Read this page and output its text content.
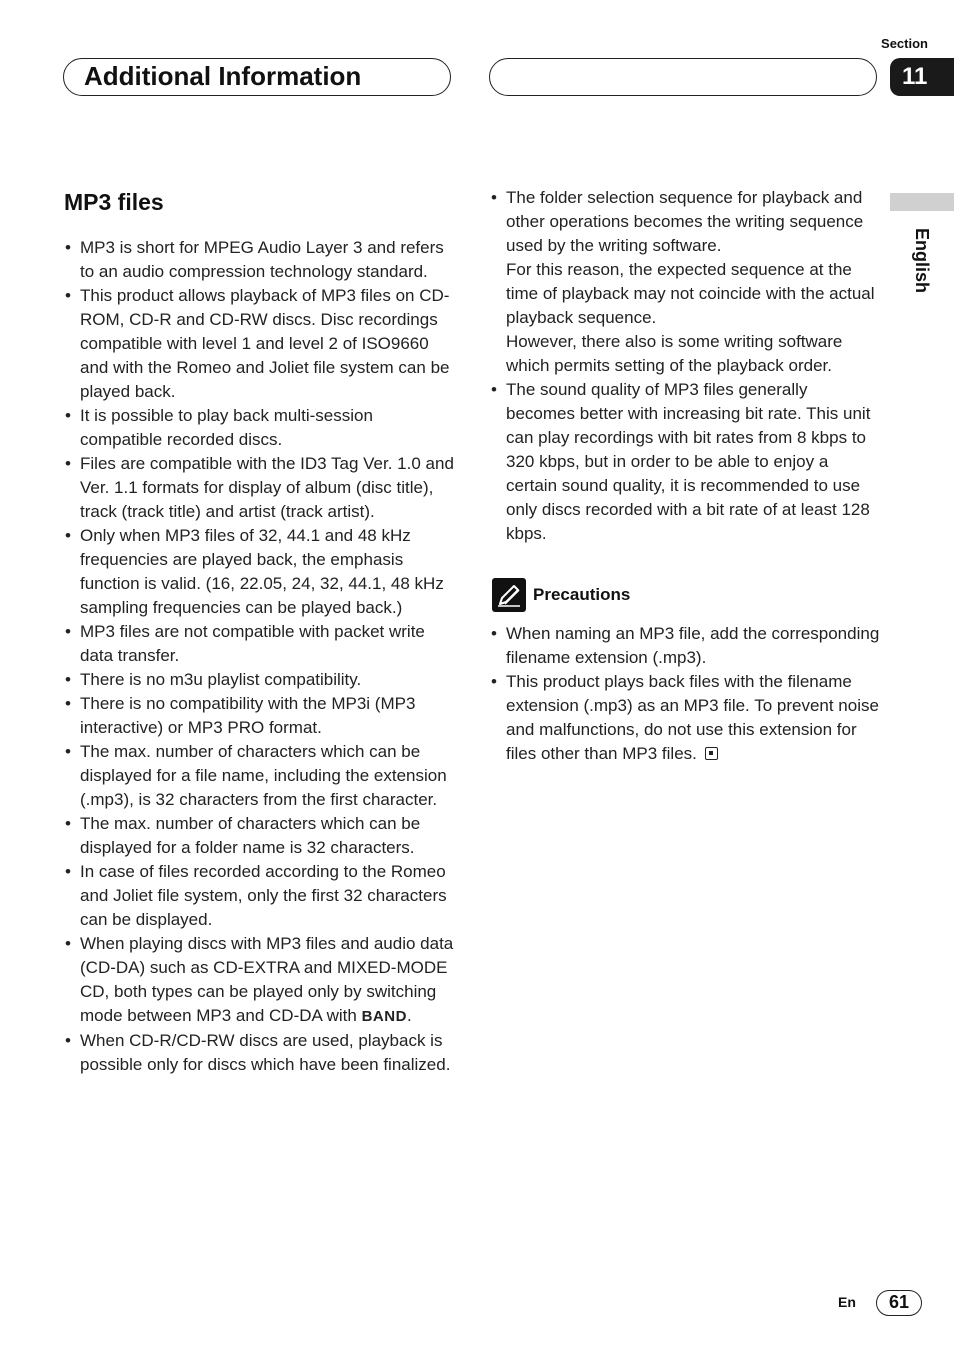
Section
Additional Information	11
English
MP3 files
• MP3 is short for MPEG Audio Layer 3 and refers to an audio compression technology standard.
• This product allows playback of MP3 files on CD-ROM, CD-R and CD-RW discs. Disc recordings compatible with level 1 and level 2 of ISO9660 and with the Romeo and Joliet file system can be played back.
• It is possible to play back multi-session compatible recorded discs.
• Files are compatible with the ID3 Tag Ver. 1.0 and Ver. 1.1 formats for display of album (disc title), track (track title) and artist (track artist).
• Only when MP3 files of 32, 44.1 and 48 kHz frequencies are played back, the emphasis function is valid. (16, 22.05, 24, 32, 44.1, 48 kHz sampling frequencies can be played back.)
• MP3 files are not compatible with packet write data transfer.
• There is no m3u playlist compatibility.
• There is no compatibility with the MP3i (MP3 interactive) or MP3 PRO format.
• The max. number of characters which can be displayed for a file name, including the extension (.mp3), is 32 characters from the first character.
• The max. number of characters which can be displayed for a folder name is 32 characters.
• In case of files recorded according to the Romeo and Joliet file system, only the first 32 characters can be displayed.
• When playing discs with MP3 files and audio data (CD-DA) such as CD-EXTRA and MIXED-MODE CD, both types can be played only by switching mode between MP3 and CD-DA with BAND.
• When CD-R/CD-RW discs are used, playback is possible only for discs which have been finalized.
• The folder selection sequence for playback and other operations becomes the writing sequence used by the writing software.
For this reason, the expected sequence at the time of playback may not coincide with the actual playback sequence.
However, there also is some writing software which permits setting of the playback order.
• The sound quality of MP3 files generally becomes better with increasing bit rate. This unit can play recordings with bit rates from 8 kbps to 320 kbps, but in order to be able to enjoy a certain sound quality, it is recommended to use only discs recorded with a bit rate of at least 128 kbps.
Precautions
• When naming an MP3 file, add the corresponding filename extension (.mp3).
• This product plays back files with the filename extension (.mp3) as an MP3 file. To prevent noise and malfunctions, do not use this extension for files other than MP3 files.
En	61
